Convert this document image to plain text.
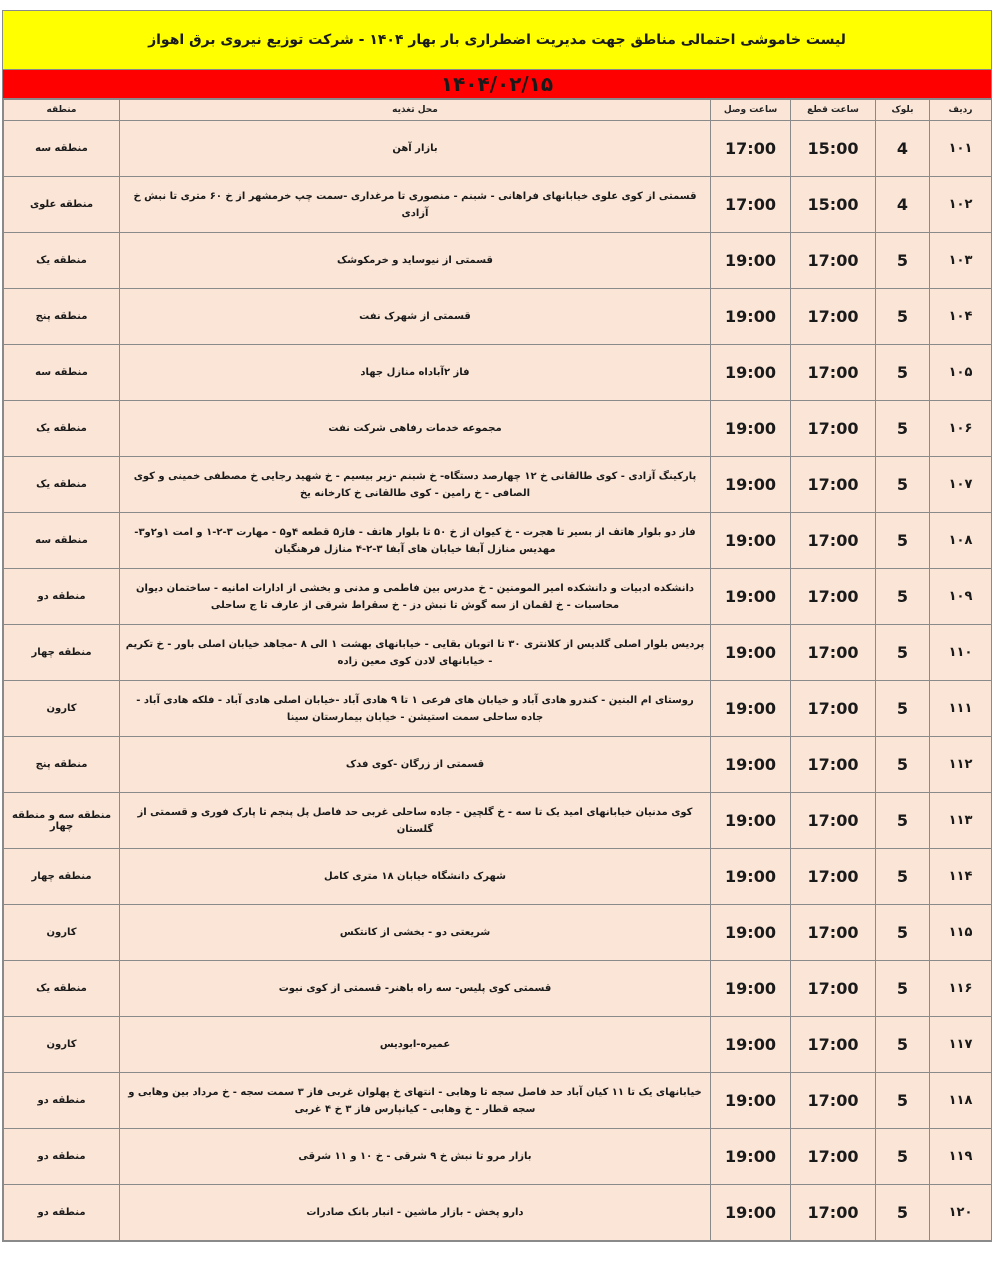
لیست خاموشی احتمالی مناطق جهت مدیریت اضطراری بار بهار ۱۴۰۴ - شرکت توزیع نیروی برق اهواز
۱۴۰۴/۰۲/۱۵
ردیف	بلوک	ساعت قطع	ساعت وصل	محل تغذیه	منطقه
۱۰۱	4	15:00	17:00	بازار آهن	منطقه سه
۱۰۲	4	15:00	17:00	قسمتی از کوی علوی خیابانهای فراهانی - شبنم - منصوری تا مرغداری -سمت چپ خرمشهر از خ ۶۰ متری تا نبش خ آزادی	منطقه علوی
۱۰۳	5	17:00	19:00	قسمتی از نیوساید و خرمکوشک	منطقه یک
۱۰۴	5	17:00	19:00	قسمتی از شهرک نفت	منطقه پنج
۱۰۵	5	17:00	19:00	فاز ۲آباداه منازل جهاد	منطقه سه
۱۰۶	5	17:00	19:00	مجموعه خدمات رفاهی شرکت نفت	منطقه یک
۱۰۷	5	17:00	19:00	پارکینگ آزادی - کوی طالقانی خ ۱۲ چهارصد دستگاه- خ شبنم -زیر بیسیم - خ شهید رجایی خ مصطفی خمینی و کوی الصافی - خ رامین - کوی طالقانی خ کارخانه یخ	منطقه یک
۱۰۸	5	17:00	19:00	فاز دو بلوار هاتف از بسیر تا هجرت - خ کیوان از خ ۵۰ تا بلوار هاتف - فاز۵ قطعه ۴و۵ - مهارت ۳-۲-۱ و امت ۱و۲و۳- مهدیس منازل آبفا خیابان های آبفا ۳-۲-۴ منازل فرهنگیان	منطقه سه
۱۰۹	5	17:00	19:00	دانشکده ادبیات و دانشکده امیر المومنین - خ مدرس بین فاطمی و مدنی و بخشی از ادارات امانیه - ساختمان دیوان محاسبات - خ لقمان از سه گوش تا نبش دز - خ سقراط شرقی از عارف تا ج ساحلی	منطقه دو
۱۱۰	5	17:00	19:00	پردیس بلوار اصلی گلدیس از کلانتری ۳۰ تا اتوبان بقایی - خیابانهای بهشت ۱ الی ۸ -مجاهد خیابان اصلی باور - خ تکریم - خیابانهای لادن کوی معین زاده	منطقه چهار
۱۱۱	5	17:00	19:00	روستای ام البنین - کندرو هادی آباد و خیابان های فرعی ۱ تا ۹ هادی آباد -خیابان اصلی هادی آباد - فلکه هادی آباد - جاده ساحلی سمت استیشن - خیابان بیمارستان سینا	کارون
۱۱۲	5	17:00	19:00	قسمتی از زرگان -کوی فدک	منطقه پنج
۱۱۳	5	17:00	19:00	کوی مدنیان خیابانهای امید یک تا سه - خ گلچین - جاده ساحلی غربی حد فاصل پل پنجم تا پارک فوری و قسمتی از گلستان	منطقه سه و منطقه چهار
۱۱۴	5	17:00	19:00	شهرک دانشگاه خیابان ۱۸ متری کامل	منطقه چهار
۱۱۵	5	17:00	19:00	شریعتی دو - بخشی از کانتکس	کارون
۱۱۶	5	17:00	19:00	قسمتی کوی پلیس- سه راه باهنر- قسمتی از کوی نبوت	منطقه یک
۱۱۷	5	17:00	19:00	عمیره-ابودیس	کارون
۱۱۸	5	17:00	19:00	خیابانهای یک تا ۱۱ کیان آباد حد فاصل سجه تا وهابی - انتهای خ پهلوان غربی فاز ۳ سمت سجه - خ مرداد بین وهابی و سجه قطار - خ وهابی - کیانپارس فاز ۳ خ ۴ غربی	منطقه دو
۱۱۹	5	17:00	19:00	بازار مرو تا نبش خ ۹ شرقی - خ ۱۰ و ۱۱ شرقی	منطقه دو
۱۲۰	5	17:00	19:00	دارو پخش - بازار ماشین - انبار بانک صادرات	منطقه دو
